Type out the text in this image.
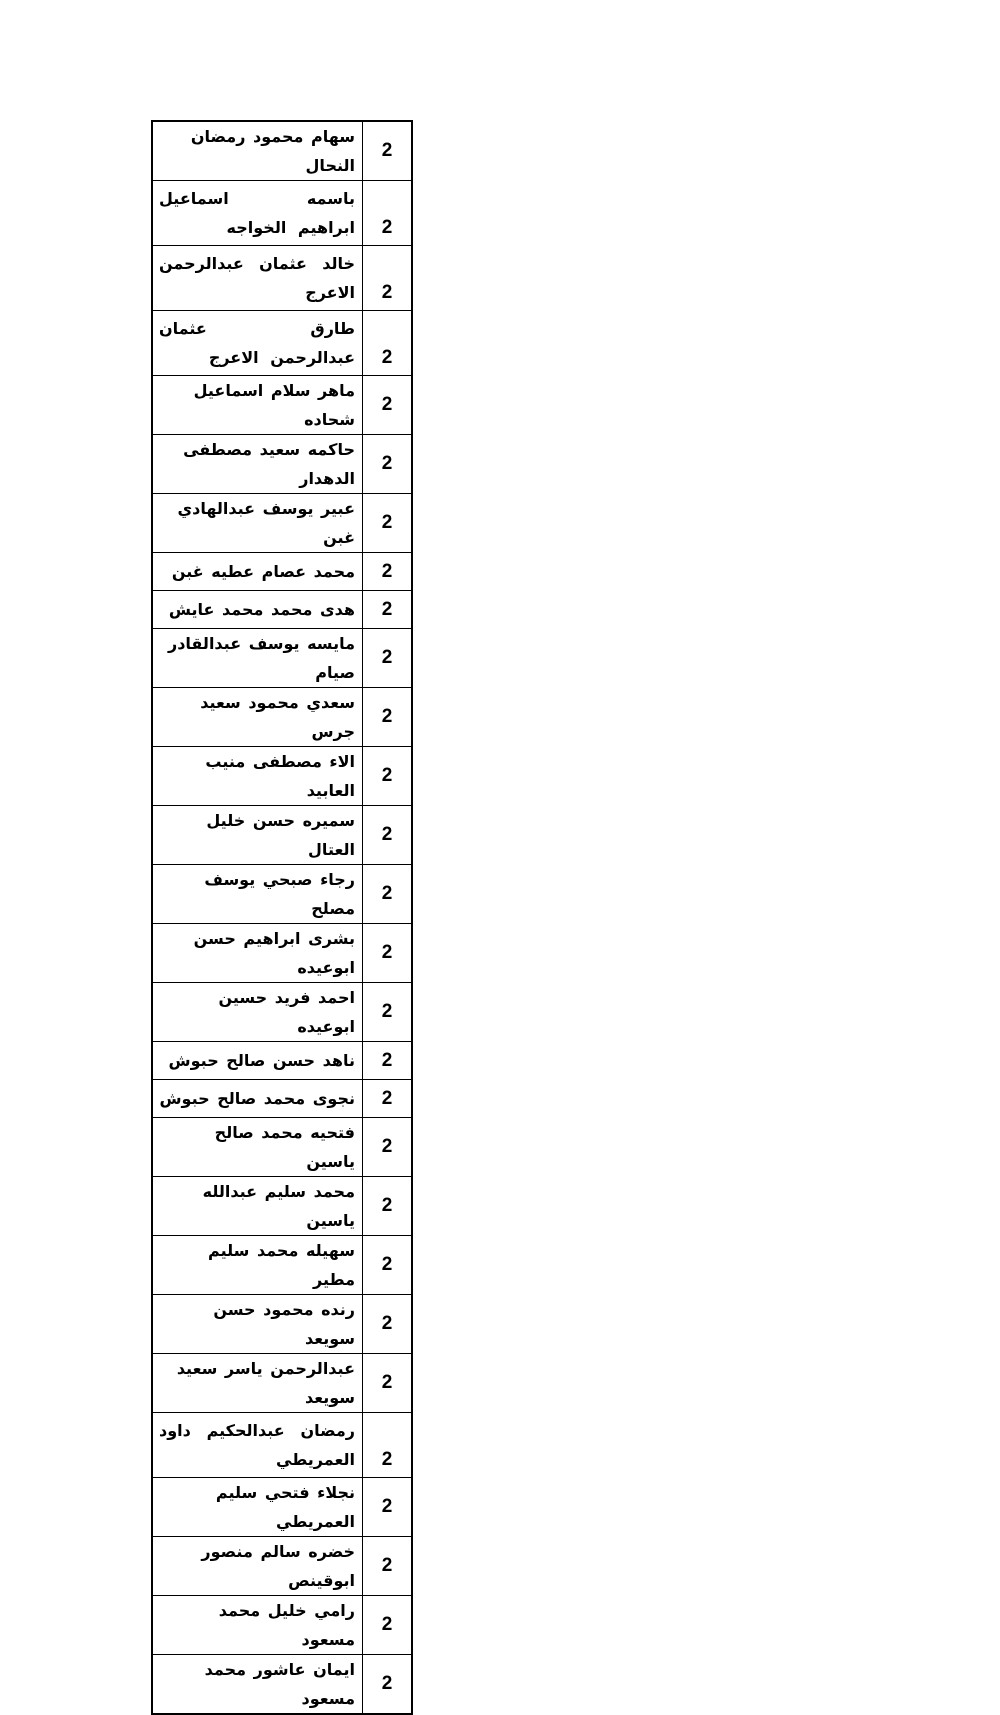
سهام محمود رمضان النحال	2
باسمه اسماعيل ابراهيم الخواجه	2
خالد عثمان عبدالرحمن الاعرج	2
طارق عثمان عبدالرحمن الاعرج	2
ماهر سلام اسماعيل شحاده	2
حاكمه سعيد مصطفى الدهدار	2
عبير يوسف عبدالهادي غبن	2
محمد عصام عطيه غبن	2
هدى محمد محمد عايش	2
مايسه يوسف عبدالقادر صيام	2
سعدي محمود سعيد جرس	2
الاء مصطفى منيب العابيد	2
سميره حسن خليل العتال	2
رجاء صبحي يوسف مصلح	2
بشرى ابراهيم حسن ابوعيده	2
احمد فريد حسين ابوعيده	2
ناهد حسن صالح حبوش	2
نجوى محمد صالح حبوش	2
فتحيه محمد صالح ياسين	2
محمد سليم عبدالله ياسين	2
سهيله محمد سليم مطير	2
رنده محمود حسن سويعد	2
عبدالرحمن ياسر سعيد سويعد	2
رمضان عبدالحكيم داود العمريطي	2
نجلاء فتحي سليم العمريطي	2
خضره سالم منصور ابوقينص	2
رامي خليل محمد مسعود	2
ايمان عاشور محمد مسعود	2
